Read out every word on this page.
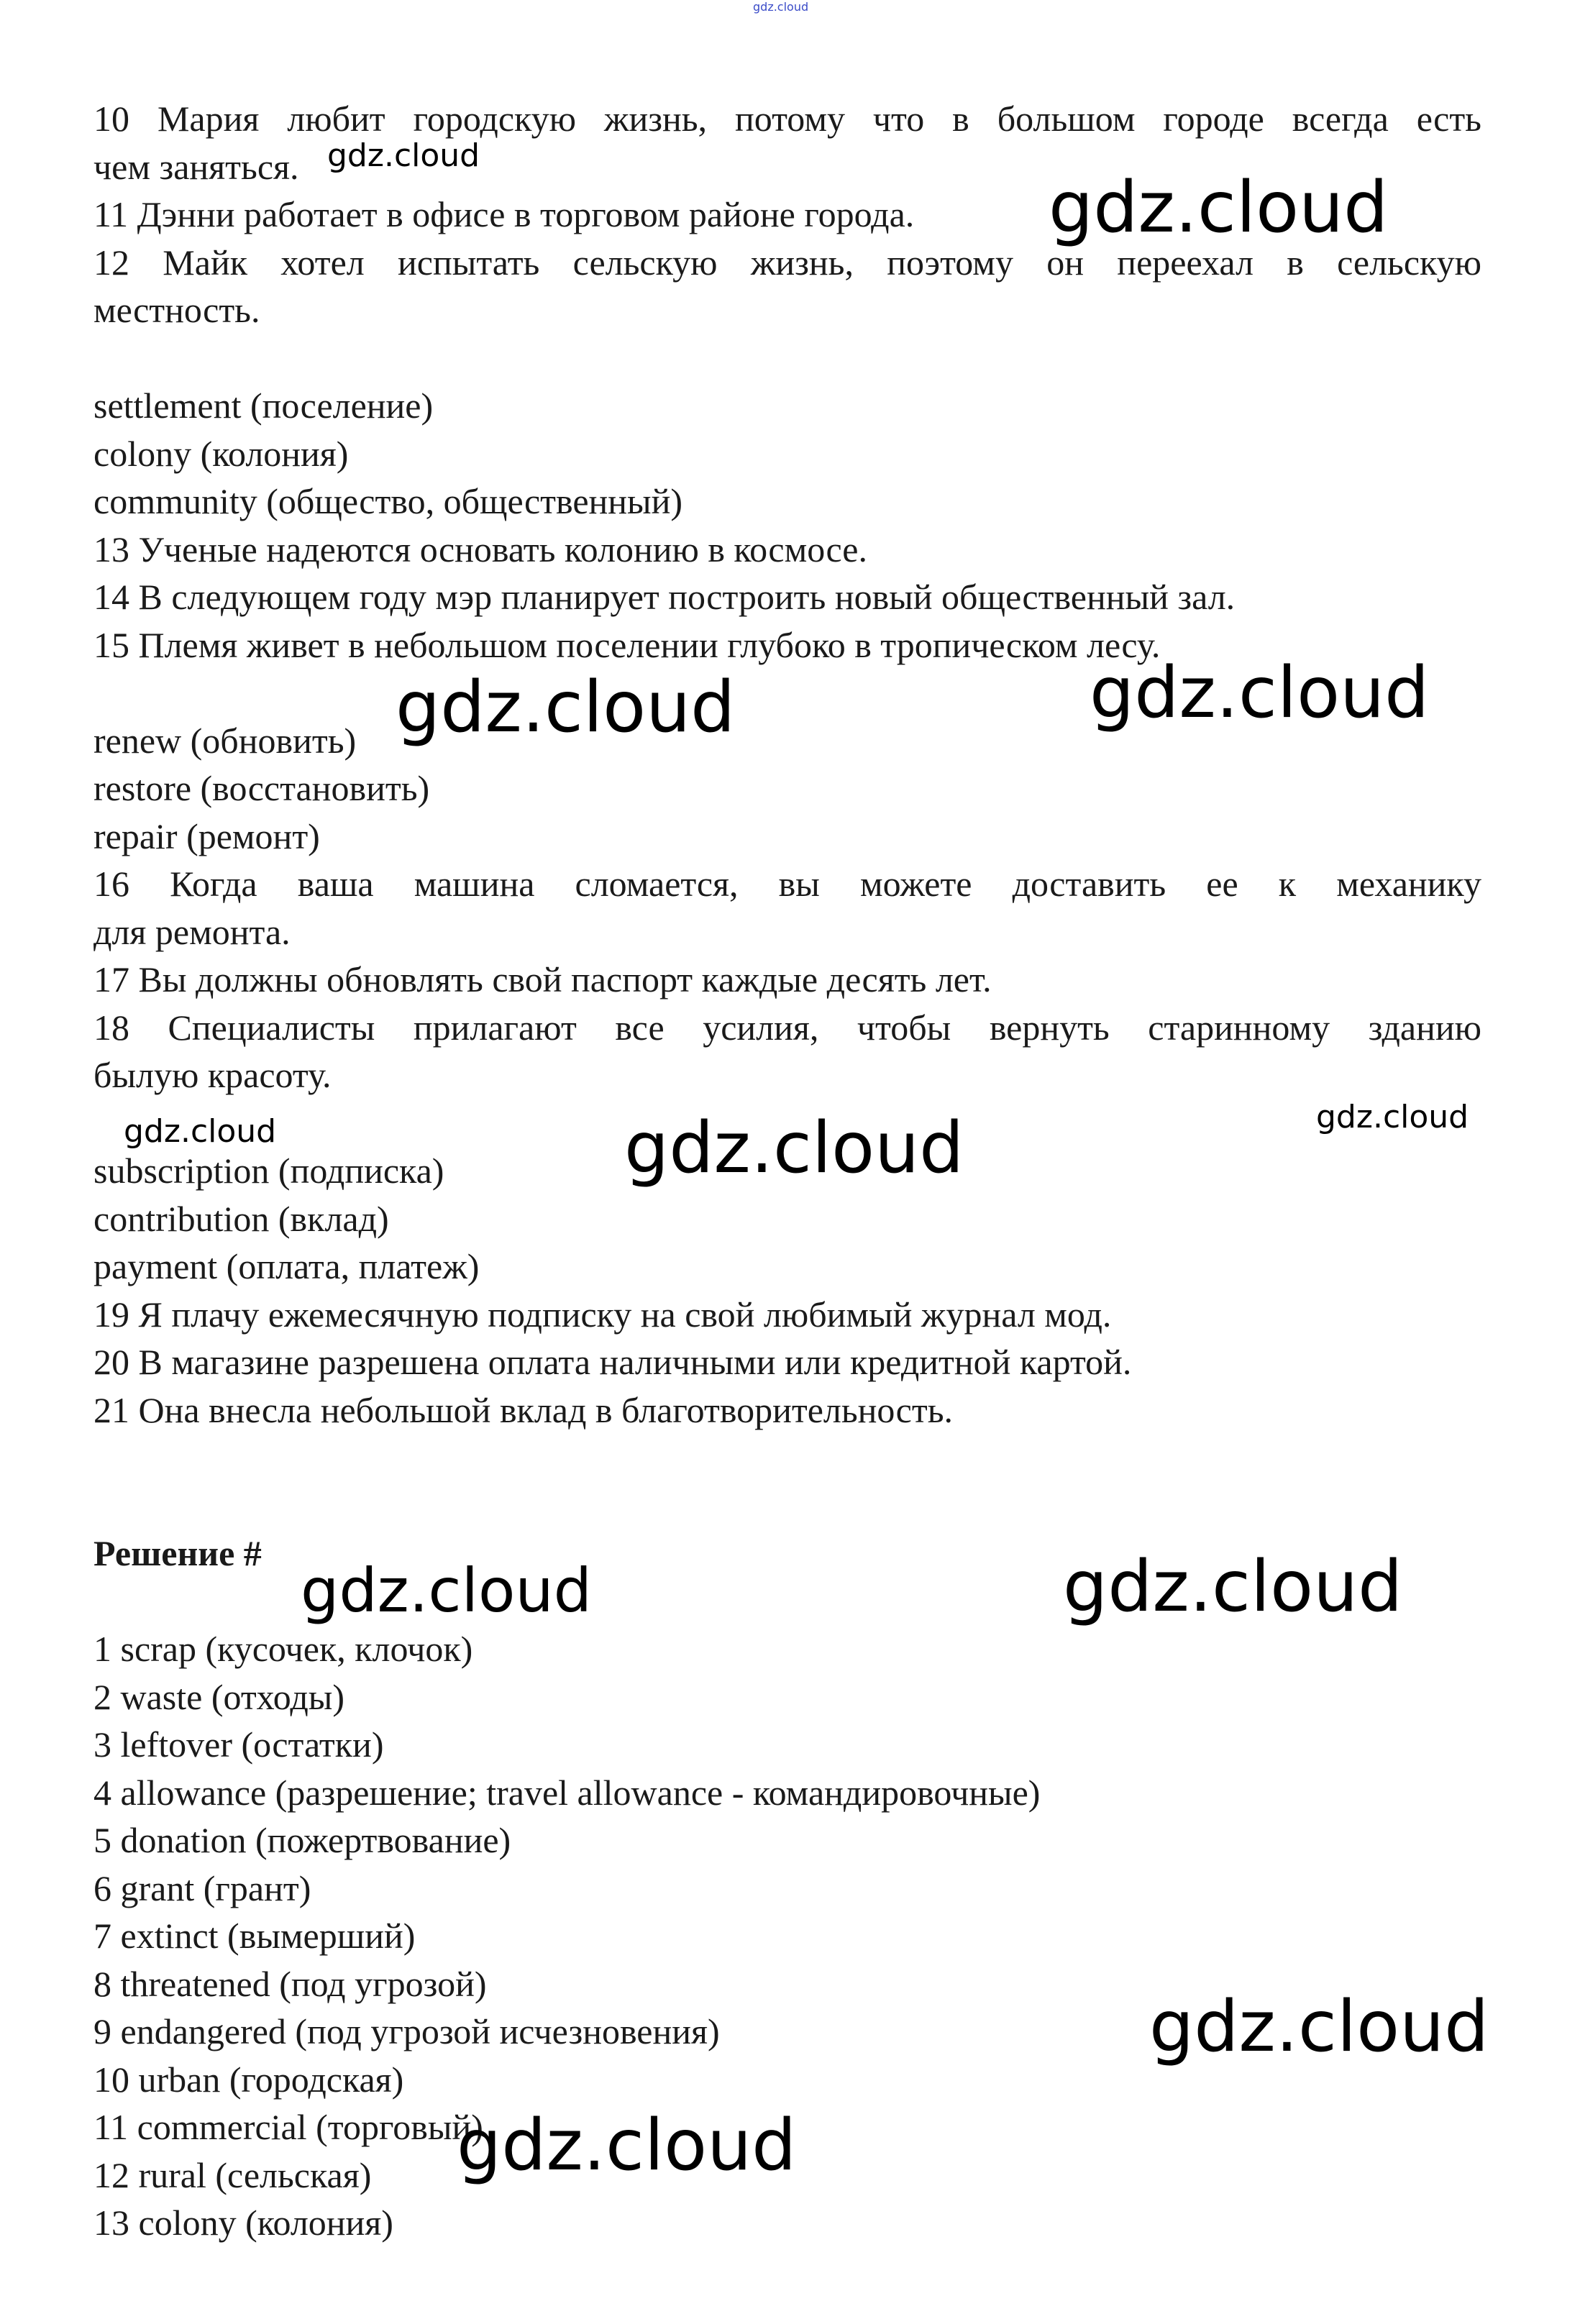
gdz.cloud
10 Мария любит городскую жизнь, потому что в большом городе всегда есть
чем заняться.
11 Дэнни работает в офисе в торговом районе города.
12 Майк хотел испытать сельскую жизнь, поэтому он переехал в сельскую
местность.
settlement (поселение)
colony (колония)
community (общество, общественный)
13 Ученые надеются основать колонию в космосе.
14 В следующем году мэр планирует построить новый общественный зал.
15 Племя живет в небольшом поселении глубоко в тропическом лесу.
renew (обновить)
restore (восстановить)
repair (ремонт)
16 Когда ваша машина сломается, вы можете доставить ее к механику
для ремонта.
17 Вы должны обновлять свой паспорт каждые десять лет.
18 Специалисты прилагают все усилия, чтобы вернуть старинному зданию
былую красоту.
subscription (подписка)
contribution (вклад)
payment (оплата, платеж)
19 Я плачу ежемесячную подписку на свой любимый журнал мод.
20 В магазине разрешена оплата наличными или кредитной картой.
21 Она внесла небольшой вклад в благотворительность.
Решение #
1 scrap (кусочек, клочок)
2 waste (отходы)
3 leftover (остатки)
4 allowance (разрешение; travel allowance - командировочные)
5 donation (пожертвование)
6 grant (грант)
7 extinct (вымерший)
8 threatened (под угрозой)
9 endangered (под угрозой исчезновения)
10 urban (городская)
11 commercial (торговый)
12 rural (сельская)
13 colony (колония)
gdz.cloud
gdz.cloud
gdz.cloud	gdz.cloud
gdz.cloud	gdz.cloud	gdz.cloud
gdz.cloud	gdz.cloud
gdz.cloud
gdz.cloud
